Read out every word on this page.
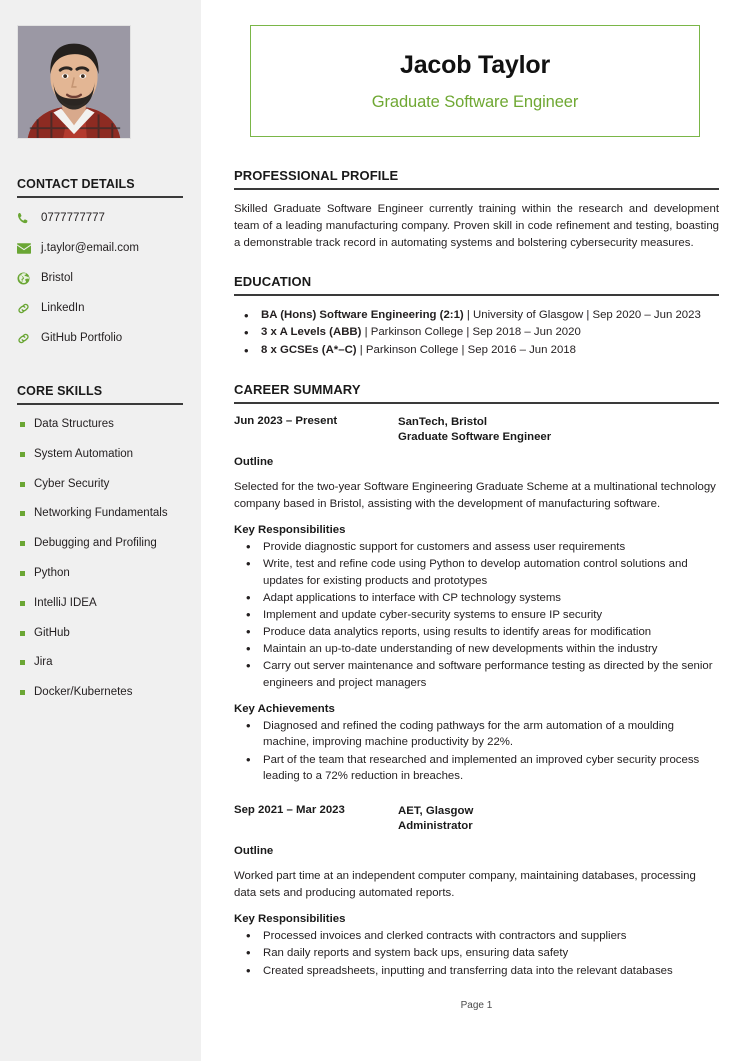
CONTACT DETAILS
0777777777
j.taylor@email.com
Bristol
LinkedIn
GitHub Portfolio
CORE SKILLS
Data Structures
System Automation
Cyber Security
Networking Fundamentals
Debugging and Profiling
Python
IntelliJ IDEA
GitHub
Jira
Docker/Kubernetes
Jacob Taylor
Graduate Software Engineer
PROFESSIONAL PROFILE

Skilled Graduate Software Engineer currently training within the research and development team of a leading manufacturing company. Proven skill in code refinement and testing, boasting a demonstrable track record in automating systems and bolstering cybersecurity measures.

EDUCATION
• BA (Hons) Software Engineering (2:1) | University of Glasgow | Sep 2020 – Jun 2023
• 3 x A Levels (ABB) | Parkinson College | Sep 2018 – Jun 2020
• 8 x GCSEs (A*–C) | Parkinson College | Sep 2016 – Jun 2018
CAREER SUMMARY
Jun 2023 – Present	SanTech, Bristol
Graduate Software Engineer
Outline

Selected for the two-year Software Engineering Graduate Scheme at a multinational technology company based in Bristol, assisting with the development of manufacturing software.

Key Responsibilities
• Provide diagnostic support for customers and assess user requirements
• Write, test and refine code using Python to develop automation control solutions and updates for existing products and prototypes
• Adapt applications to interface with CP technology systems
• Implement and update cyber-security systems to ensure IP security
• Produce data analytics reports, using results to identify areas for modification
• Maintain an up-to-date understanding of new developments within the industry
• Carry out server maintenance and software performance testing as directed by the senior engineers and project managers
Key Achievements
• Diagnosed and refined the coding pathways for the arm automation of a moulding machine, improving machine productivity by 22%.
• Part of the team that researched and implemented an improved cyber security process leading to a 72% reduction in breaches.
Sep 2021 – Mar 2023	AET, Glasgow
Administrator
Outline

Worked part time at an independent computer company, maintaining databases, processing data sets and producing automated reports.

Key Responsibilities
• Processed invoices and clerked contracts with contractors and suppliers
• Ran daily reports and system back ups, ensuring data safety
• Created spreadsheets, inputting and transferring data into the relevant databases
Page 1
